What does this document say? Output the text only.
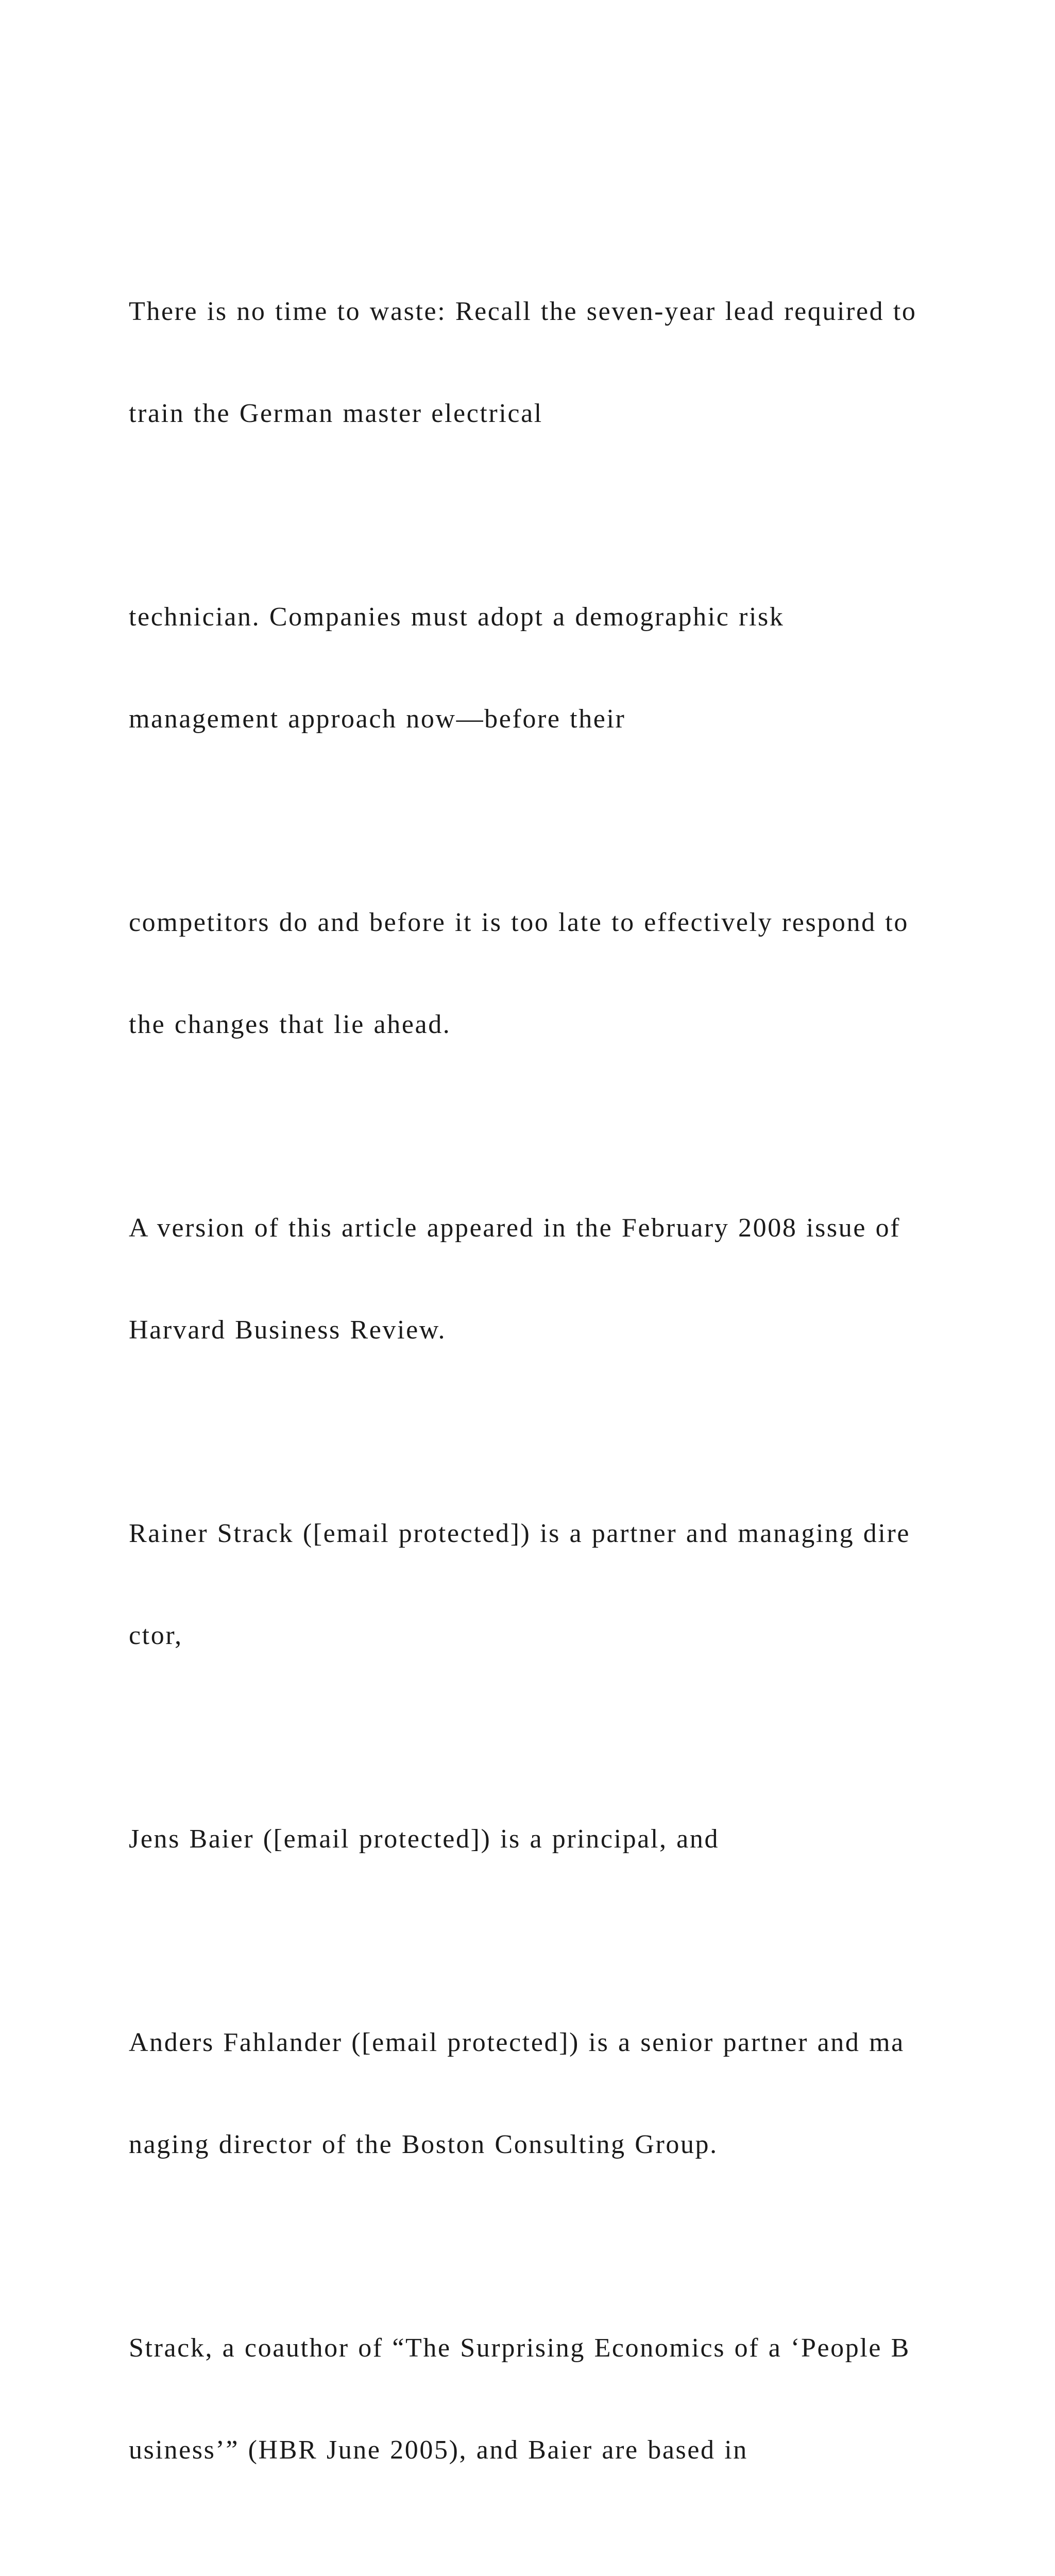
There is no time to waste: Recall the seven-year lead required to

train the German master electrical

technician. Companies must adopt a demographic risk

management approach now—before their

competitors do and before it is too late to effectively respond to

the changes that lie ahead.

A version of this article appeared in the February 2008 issue of

Harvard Business Review.

Rainer Strack ([email protected]) is a partner and managing dire

ctor,

Jens Baier ([email protected]) is a principal, and

Anders Fahlander ([email protected]) is a senior partner and ma

naging director of the Boston Consulting Group.

Strack, a coauthor of “The Surprising Economics of a ‘People B

usiness’” (HBR June 2005), and Baier are based in
